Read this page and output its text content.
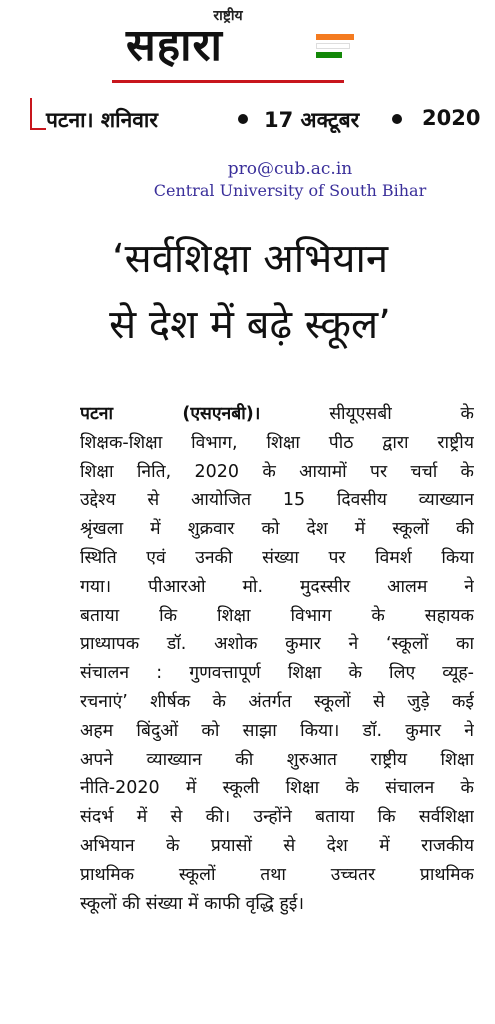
राष्ट्रीय
सहारा
पटना। शनिवार	17 अक्टूबर	2020
pro@cub.ac.in
Central University of South Bihar
‘सर्वशिक्षा अभियान
से देश में बढ़े स्कूल’
पटना (एसएनबी)। सीयूएसबी के
शिक्षक-शिक्षा विभाग, शिक्षा पीठ द्वारा राष्ट्रीय
शिक्षा निति, 2020 के आयामों पर चर्चा के
उद्देश्य से आयोजित 15 दिवसीय व्याख्यान
श्रृंखला में शुक्रवार को देश में स्कूलों की
स्थिति एवं उनकी संख्या पर विमर्श किया
गया। पीआरओ मो. मुदस्सीर आलम ने
बताया कि शिक्षा विभाग के सहायक
प्राध्यापक डॉ. अशोक कुमार ने ‘स्कूलों का
संचालन : गुणवत्तापूर्ण शिक्षा के लिए व्यूह-
रचनाएं’ शीर्षक के अंतर्गत स्कूलों से जुड़े कई
अहम बिंदुओं को साझा किया। डॉ. कुमार ने
अपने व्याख्यान की शुरुआत राष्ट्रीय शिक्षा
नीति-2020 में स्कूली शिक्षा के संचालन के
संदर्भ में से की। उन्होंने बताया कि सर्वशिक्षा
अभियान के प्रयासों से देश में राजकीय
प्राथमिक स्कूलों तथा उच्चतर प्राथमिक
स्कूलों की संख्या में काफी वृद्धि हुई।
